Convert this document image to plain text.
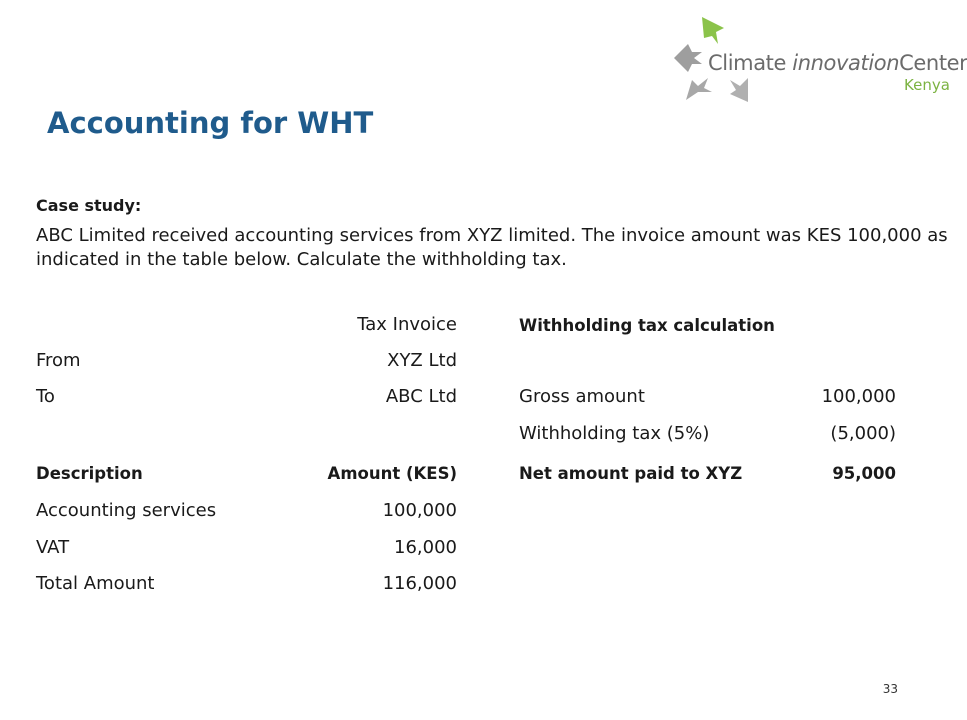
Climate innovationCenter
Kenya
Accounting for WHT
Case study:
ABC Limited received accounting services from XYZ limited. The invoice amount was KES 100,000 as indicated in the table below. Calculate the withholding tax.
Tax Invoice
From	XYZ Ltd
To	ABC Ltd
Description	Amount (KES)
Accounting services	100,000
VAT	16,000
Total Amount	116,000
Withholding tax calculation
Gross amount	100,000
Withholding tax (5%)	(5,000)
Net amount paid to XYZ	95,000
33
